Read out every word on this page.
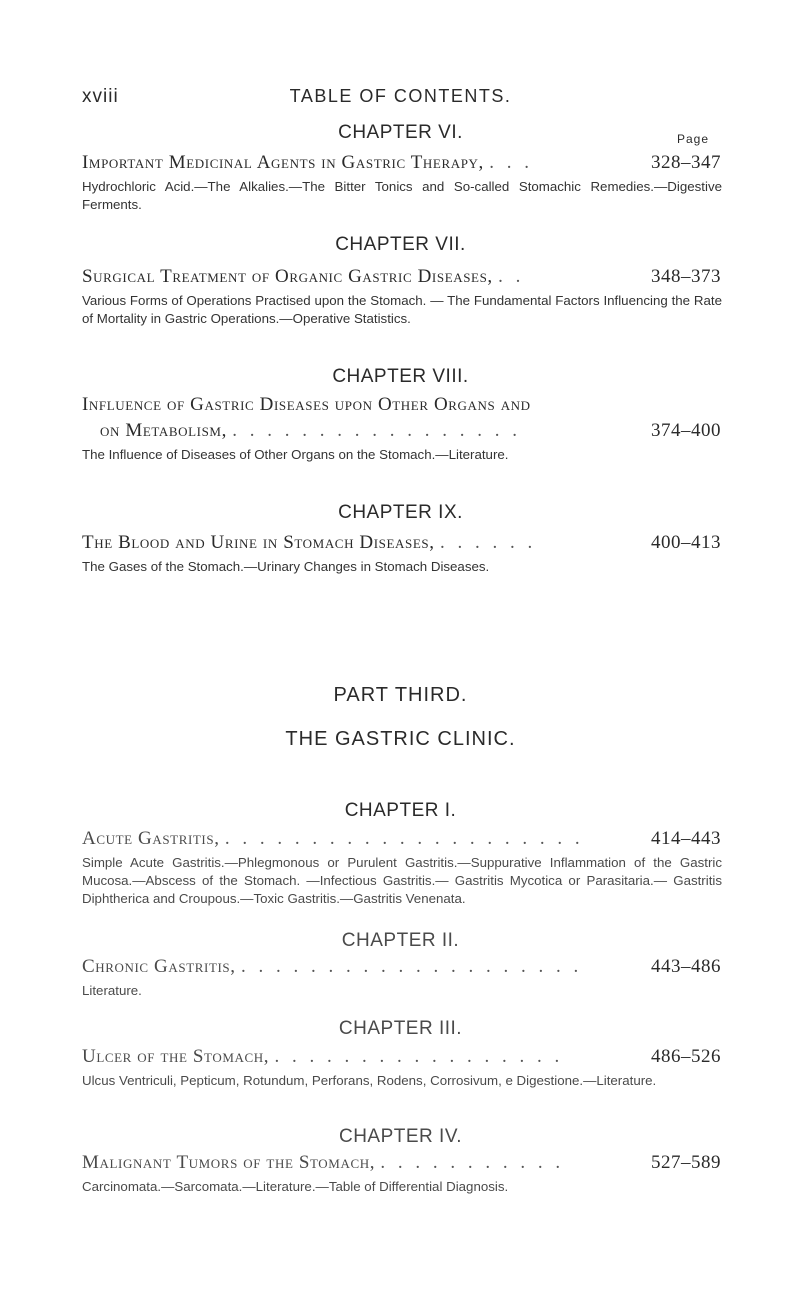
xviii	TABLE OF CONTENTS.
CHAPTER VI.	Page
Important Medicinal Agents in Gastric Therapy, . . .	328–347
Hydrochloric Acid.—The Alkalies.—The Bitter Tonics and So-called Stomachic Remedies.—Digestive Ferments.
CHAPTER VII.
Surgical Treatment of Organic Gastric Diseases, . .	348–373
Various Forms of Operations Practised upon the Stomach. — The Fundamental Factors Influencing the Rate of Mortality in Gastric Operations.—Operative Statistics.
CHAPTER VIII.
Influence of Gastric Diseases upon Other Organs and
on Metabolism, . . . . . . . . . . . . . . . . .	374–400
The Influence of Diseases of Other Organs on the Stomach.—Literature.
CHAPTER IX.
The Blood and Urine in Stomach Diseases, . . . . . .	400–413
The Gases of the Stomach.—Urinary Changes in Stomach Diseases.
PART THIRD.
THE GASTRIC CLINIC.
CHAPTER I.
Acute Gastritis, . . . . . . . . . . . . . . . . . . . . .	414–443
Simple Acute Gastritis.—Phlegmonous or Purulent Gastritis.—Suppurative Inflammation of the Gastric Mucosa.—Abscess of the Stomach. —Infectious Gastritis.— Gastritis Mycotica or Parasitaria.— Gastritis Diphtherica and Croupous.—Toxic Gastritis.—Gastritis Venenata.
CHAPTER II.
Chronic Gastritis, . . . . . . . . . . . . . . . . . . . .	443–486
Literature.
CHAPTER III.
Ulcer of the Stomach, . . . . . . . . . . . . . . . . .	486–526
Ulcus Ventriculi, Pepticum, Rotundum, Perforans, Rodens, Corrosivum, e Digestione.—Literature.
CHAPTER IV.
Malignant Tumors of the Stomach, . . . . . . . . . . .	527–589
Carcinomata.—Sarcomata.—Literature.—Table of Differential Diagnosis.
